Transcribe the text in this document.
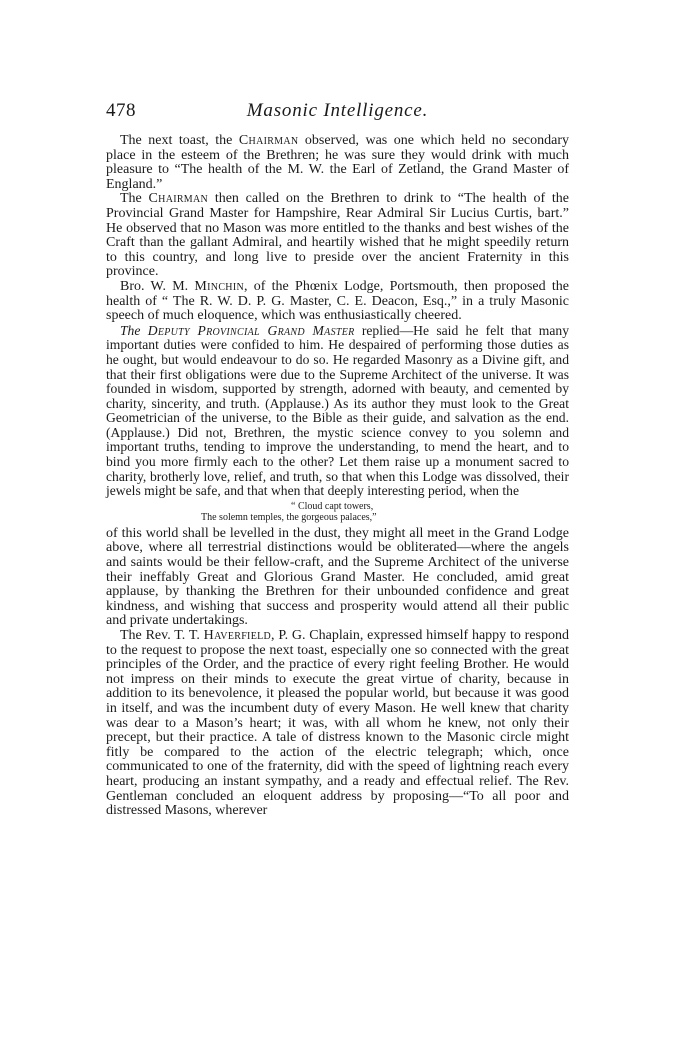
478	Masonic Intelligence.

The next toast, the Chairman observed, was one which held no secondary place in the esteem of the Brethren; he was sure they would drink with much pleasure to “The health of the M. W. the Earl of Zetland, the Grand Master of England.”

The Chairman then called on the Brethren to drink to “The health of the Provincial Grand Master for Hampshire, Rear Admiral Sir Lucius Curtis, bart.” He observed that no Mason was more entitled to the thanks and best wishes of the Craft than the gallant Admiral, and heartily wished that he might speedily return to this country, and long live to preside over the ancient Fraternity in this province.

Bro. W. M. Minchin, of the Phœnix Lodge, Portsmouth, then proposed the health of “ The R. W. D. P. G. Master, C. E. Deacon, Esq.,” in a truly Masonic speech of much eloquence, which was enthusiastically cheered.

The Deputy Provincial Grand Master replied—He said he felt that many important duties were confided to him. He despaired of performing those duties as he ought, but would endeavour to do so. He regarded Masonry as a Divine gift, and that their first obligations were due to the Supreme Architect of the universe. It was founded in wisdom, supported by strength, adorned with beauty, and cemented by charity, sincerity, and truth. (Applause.) As its author they must look to the Great Geometrician of the universe, to the Bible as their guide, and salvation as the end. (Applause.) Did not, Brethren, the mystic science convey to you solemn and important truths, tending to improve the understanding, to mend the heart, and to bind you more firmly each to the other? Let them raise up a monument sacred to charity, brotherly love, relief, and truth, so that when this Lodge was dissolved, their jewels might be safe, and that when that deeply interesting period, when the

“ Cloud capt towers,
The solemn temples, the gorgeous palaces,”

of this world shall be levelled in the dust, they might all meet in the Grand Lodge above, where all terrestrial distinctions would be obliterated—where the angels and saints would be their fellow-craft, and the Supreme Architect of the universe their ineffably Great and Glorious Grand Master. He concluded, amid great applause, by thanking the Brethren for their unbounded confidence and great kindness, and wishing that success and prosperity would attend all their public and private undertakings.

The Rev. T. T. Haverfield, P. G. Chaplain, expressed himself happy to respond to the request to propose the next toast, especially one so connected with the great principles of the Order, and the practice of every right feeling Brother. He would not impress on their minds to execute the great virtue of charity, because in addition to its benevolence, it pleased the popular world, but because it was good in itself, and was the incumbent duty of every Mason. He well knew that charity was dear to a Mason’s heart; it was, with all whom he knew, not only their precept, but their practice. A tale of distress known to the Masonic circle might fitly be compared to the action of the electric telegraph; which, once communicated to one of the fraternity, did with the speed of lightning reach every heart, producing an instant sympathy, and a ready and effectual relief. The Rev. Gentleman concluded an eloquent address by proposing—“To all poor and distressed Masons, wherever
